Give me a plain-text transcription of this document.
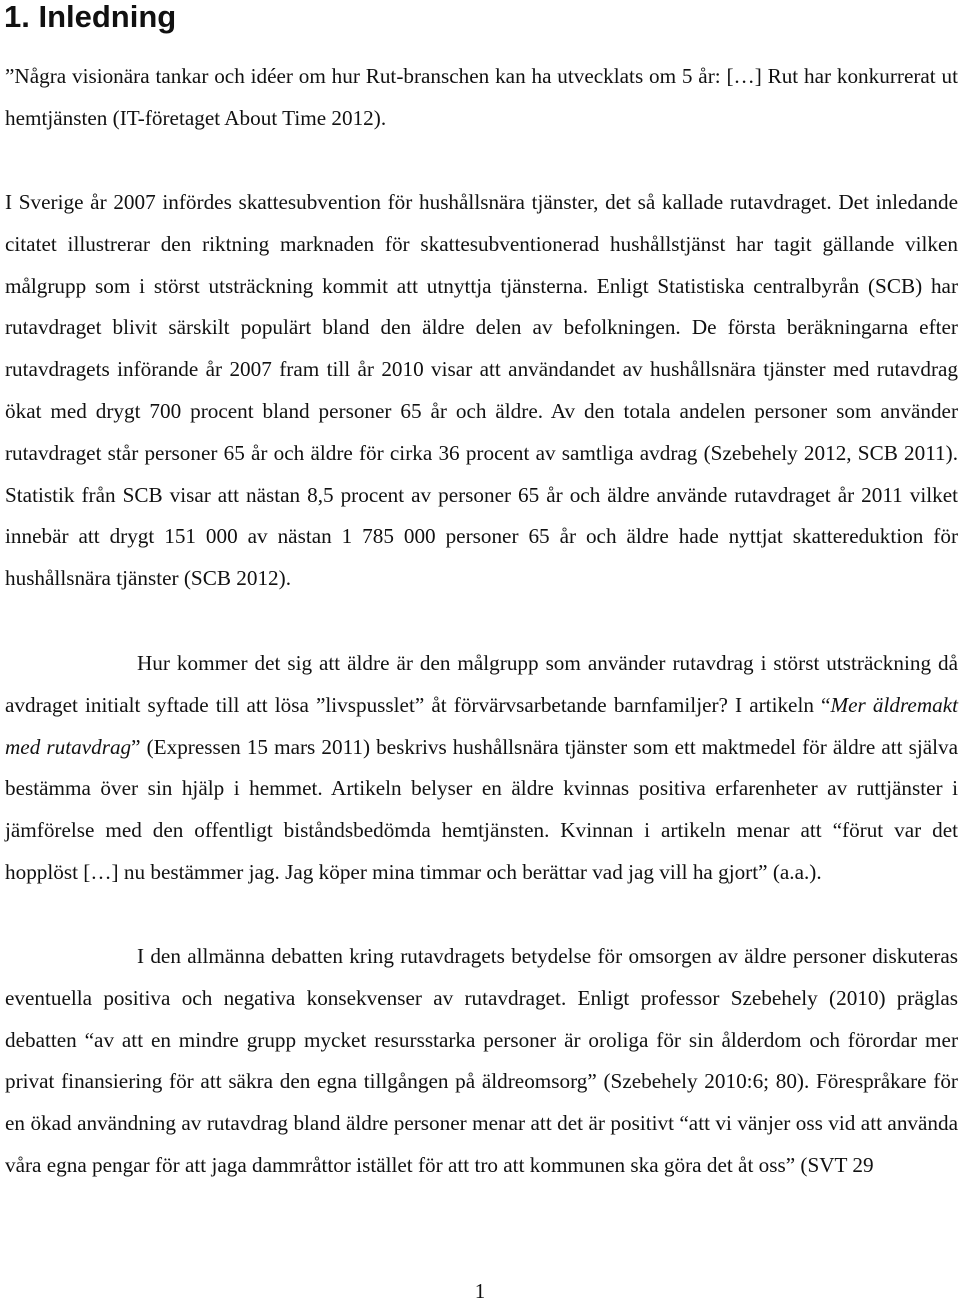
1. Inledning

”Några visionära tankar och idéer om hur Rut-branschen kan ha utvecklats om 5 år: […] Rut har konkurrerat ut hemtjänsten (IT-företaget About Time 2012).

I Sverige år 2007 infördes skattesubvention för hushållsnära tjänster, det så kallade rutavdraget. Det inledande citatet illustrerar den riktning marknaden för skattesubventionerad hushållstjänst har tagit gällande vilken målgrupp som i störst utsträckning kommit att utnyttja tjänsterna. Enligt Statistiska centralbyrån (SCB) har rutavdraget blivit särskilt populärt bland den äldre delen av befolkningen. De första beräkningarna efter rutavdragets införande år 2007 fram till år 2010 visar att användandet av hushållsnära tjänster med rutavdrag ökat med drygt 700 procent bland personer 65 år och äldre. Av den totala andelen personer som använder rutavdraget står personer 65 år och äldre för cirka 36 procent av samtliga avdrag (Szebehely 2012, SCB 2011). Statistik från SCB visar att nästan 8,5 procent av personer 65 år och äldre använde rutavdraget år 2011 vilket innebär att drygt 151 000 av nästan 1 785 000 personer 65 år och äldre hade nyttjat skattereduktion för hushållsnära tjänster (SCB 2012).

Hur kommer det sig att äldre är den målgrupp som använder rutavdrag i störst utsträckning då avdraget initialt syftade till att lösa ”livspusslet” åt förvärvsarbetande barnfamiljer? I artikeln “Mer äldremakt med rutavdrag” (Expressen 15 mars 2011) beskrivs hushållsnära tjänster som ett maktmedel för äldre att själva bestämma över sin hjälp i hemmet. Artikeln belyser en äldre kvinnas positiva erfarenheter av ruttjänster i jämförelse med den offentligt biståndsbedömda hemtjänsten. Kvinnan i artikeln menar att “förut var det hopplöst […] nu bestämmer jag. Jag köper mina timmar och berättar vad jag vill ha gjort” (a.a.).

I den allmänna debatten kring rutavdragets betydelse för omsorgen av äldre personer diskuteras eventuella positiva och negativa konsekvenser av rutavdraget. Enligt professor Szebehely (2010) präglas debatten “av att en mindre grupp mycket resursstarka personer är oroliga för sin ålderdom och förordar mer privat finansiering för att säkra den egna tillgången på äldreomsorg” (Szebehely 2010:6; 80). Förespråkare för en ökad användning av rutavdrag bland äldre personer menar att det är positivt “att vi vänjer oss vid att använda våra egna pengar för att jaga dammråttor istället för att tro att kommunen ska göra det åt oss” (SVT 29

1
